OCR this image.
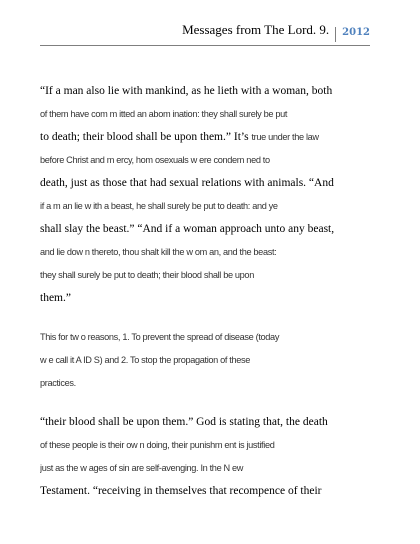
Messages from The Lord. 9.	2012
“If a man also lie with mankind, as he lieth with a woman, both
of them have com m itted an abom ination: they shall surely be put
to death; their blood shall be upon them.” It’s true under the law
before Christ and m ercy, hom osexuals w ere condem ned to
death, just as those that had sexual relations with animals. “And
if a m an lie w ith a beast, he shall surely be put to death: and ye
shall slay the beast.” “And if a woman approach unto any beast,
and lie dow n thereto, thou shalt kill the w om an, and the beast:
they shall surely be put to death; their blood shall be upon
them.”
This for tw o reasons, 1. To prevent the spread of disease (today
w e call it A ID S) and 2. To stop the propagation of these
practices.
“their blood shall be upon them.” God is stating that, the death
of these people is their ow n doing, their punishm ent is justified
just as the w ages of sin are self-avenging. In the N ew
Testament. “receiving in themselves that recompence of their
